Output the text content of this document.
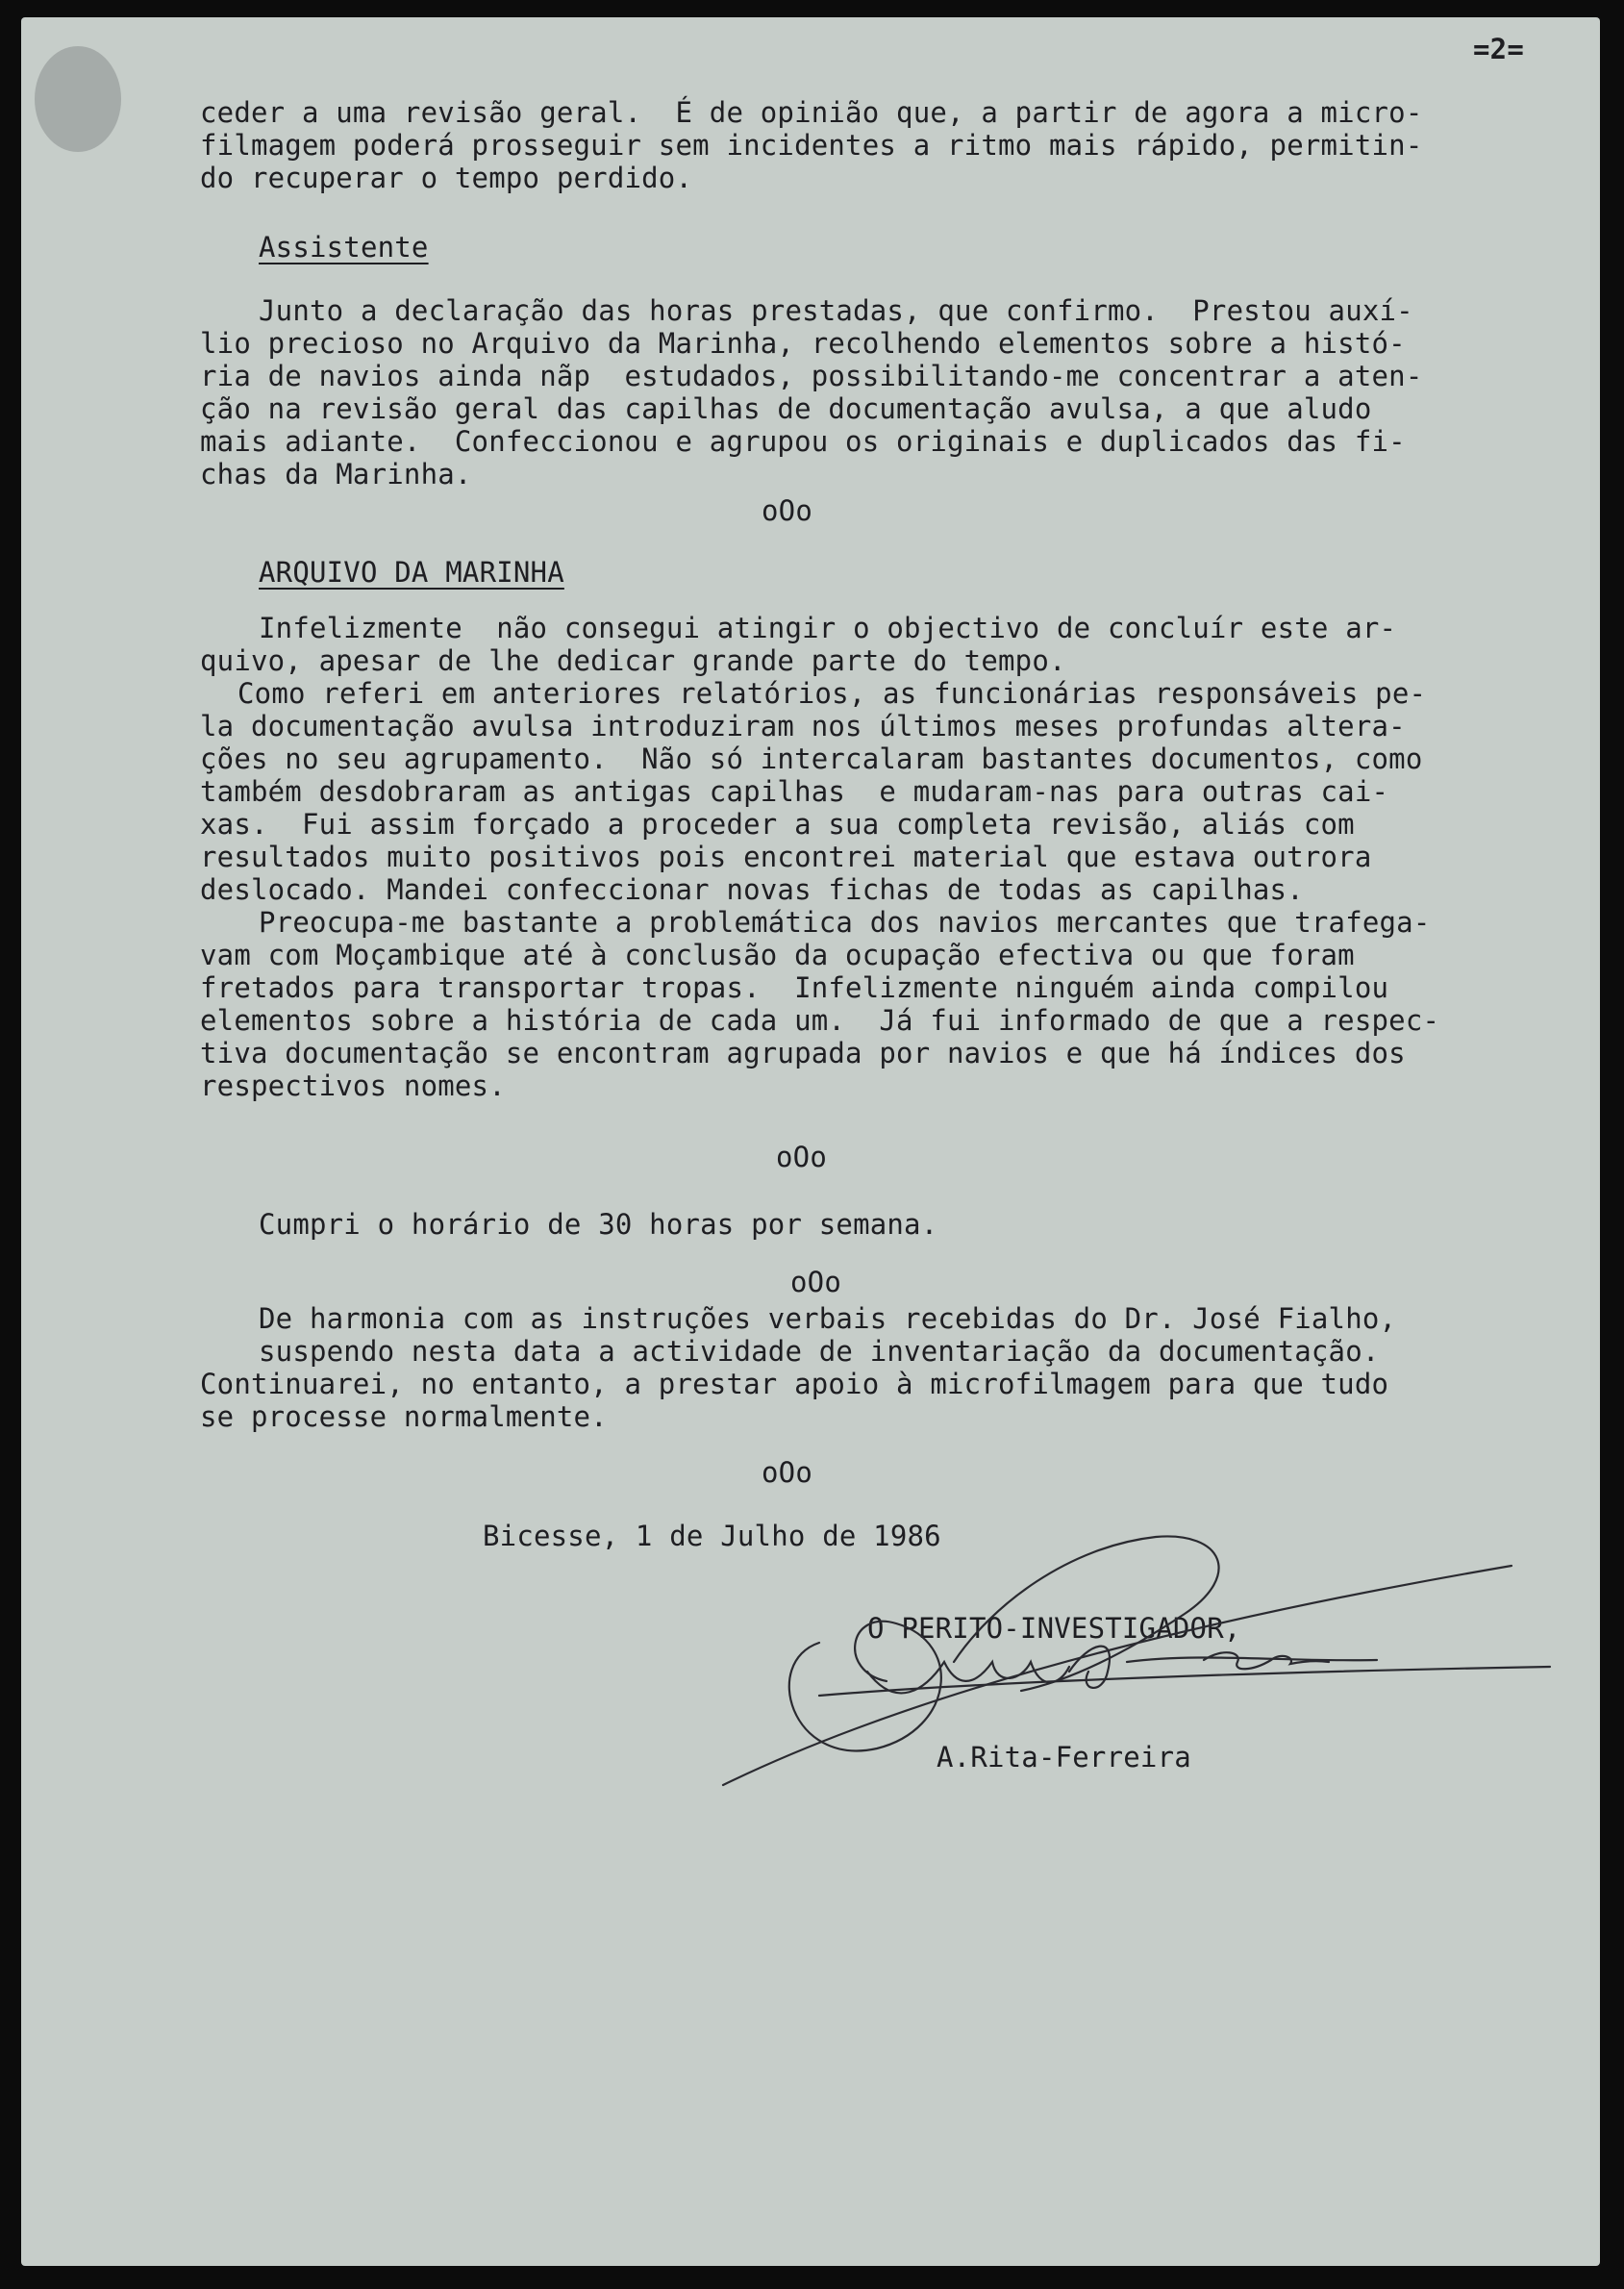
=2=
ceder a uma revisão geral.  É de opinião que, a partir de agora a micro-
filmagem poderá prosseguir sem incidentes a ritmo mais rápido, permitin-
do recuperar o tempo perdido.
Assistente
Junto a declaração das horas prestadas, que confirmo.  Prestou auxí-
lio precioso no Arquivo da Marinha, recolhendo elementos sobre a histó-
ria de navios ainda nãp  estudados, possibilitando-me concentrar a aten-
ção na revisão geral das capilhas de documentação avulsa, a que aludo
mais adiante.  Confeccionou e agrupou os originais e duplicados das fi-
chas da Marinha.
oOo
ARQUIVO DA MARINHA
Infelizmente  não consegui atingir o objectivo de concluír este ar-
quivo, apesar de lhe dedicar grande parte do tempo.
Como referi em anteriores relatórios, as funcionárias responsáveis pe-
la documentação avulsa introduziram nos últimos meses profundas altera-
ções no seu agrupamento.  Não só intercalaram bastantes documentos, como
também desdobraram as antigas capilhas  e mudaram-nas para outras cai-
xas.  Fui assim forçado a proceder a sua completa revisão, aliás com
resultados muito positivos pois encontrei material que estava outrora
deslocado. Mandei confeccionar novas fichas de todas as capilhas.
Preocupa-me bastante a problemática dos navios mercantes que trafega-
vam com Moçambique até à conclusão da ocupação efectiva ou que foram
fretados para transportar tropas.  Infelizmente ninguém ainda compilou
elementos sobre a história de cada um.  Já fui informado de que a respec-
tiva documentação se encontram agrupada por navios e que há índices dos
respectivos nomes.
oOo
Cumpri o horário de 30 horas por semana.
oOo
De harmonia com as instruções verbais recebidas do Dr. José Fialho,
suspendo nesta data a actividade de inventariação da documentação.
Continuarei, no entanto, a prestar apoio à microfilmagem para que tudo
se processe normalmente.
oOo
Bicesse, 1 de Julho de 1986
O PERITO-INVESTIGADOR,
A.Rita-Ferreira
